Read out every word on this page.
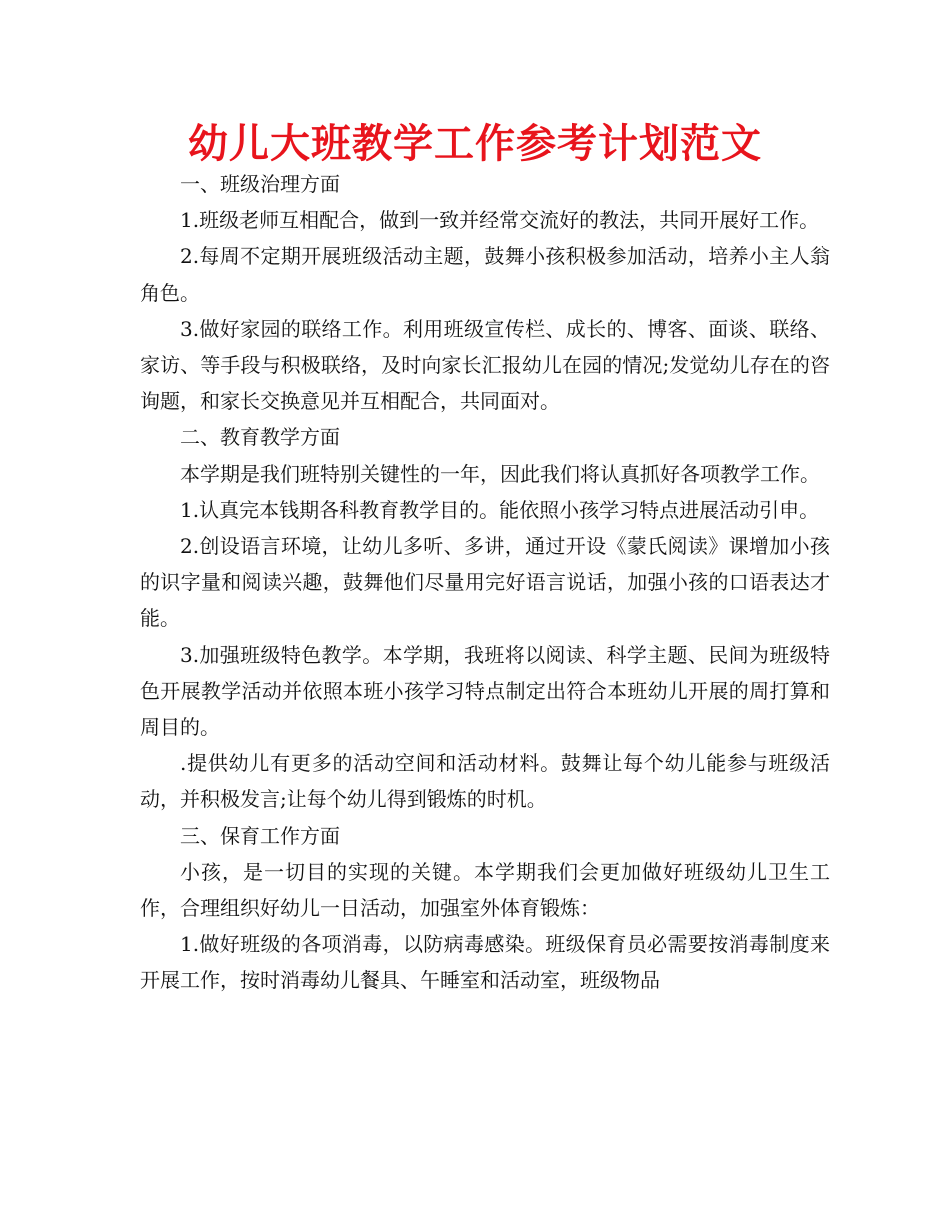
幼儿大班教学工作参考计划范文

一、班级治理方面

1.班级老师互相配合，做到一致并经常交流好的教法，共同开展好工作。

2.每周不定期开展班级活动主题，鼓舞小孩积极参加活动，培养小主人翁角色。

3.做好家园的联络工作。利用班级宣传栏、成长的、博客、面谈、联络、家访、等手段与积极联络，及时向家长汇报幼儿在园的情况;发觉幼儿存在的咨询题，和家长交换意见并互相配合，共同面对。

二、教育教学方面

本学期是我们班特别关键性的一年，因此我们将认真抓好各项教学工作。

1.认真完本钱期各科教育教学目的。能依照小孩学习特点进展活动引申。

2.创设语言环境，让幼儿多听、多讲，通过开设《蒙氏阅读》课增加小孩的识字量和阅读兴趣，鼓舞他们尽量用完好语言说话，加强小孩的口语表达才能。

3.加强班级特色教学。本学期，我班将以阅读、科学主题、民间为班级特色开展教学活动并依照本班小孩学习特点制定出符合本班幼儿开展的周打算和周目的。

.提供幼儿有更多的活动空间和活动材料。鼓舞让每个幼儿能参与班级活动，并积极发言;让每个幼儿得到锻炼的时机。

三、保育工作方面

小孩，是一切目的实现的关键。本学期我们会更加做好班级幼儿卫生工作，合理组织好幼儿一日活动，加强室外体育锻炼：

1.做好班级的各项消毒，以防病毒感染。班级保育员必需要按消毒制度来开展工作，按时消毒幼儿餐具、午睡室和活动室，班级物品
